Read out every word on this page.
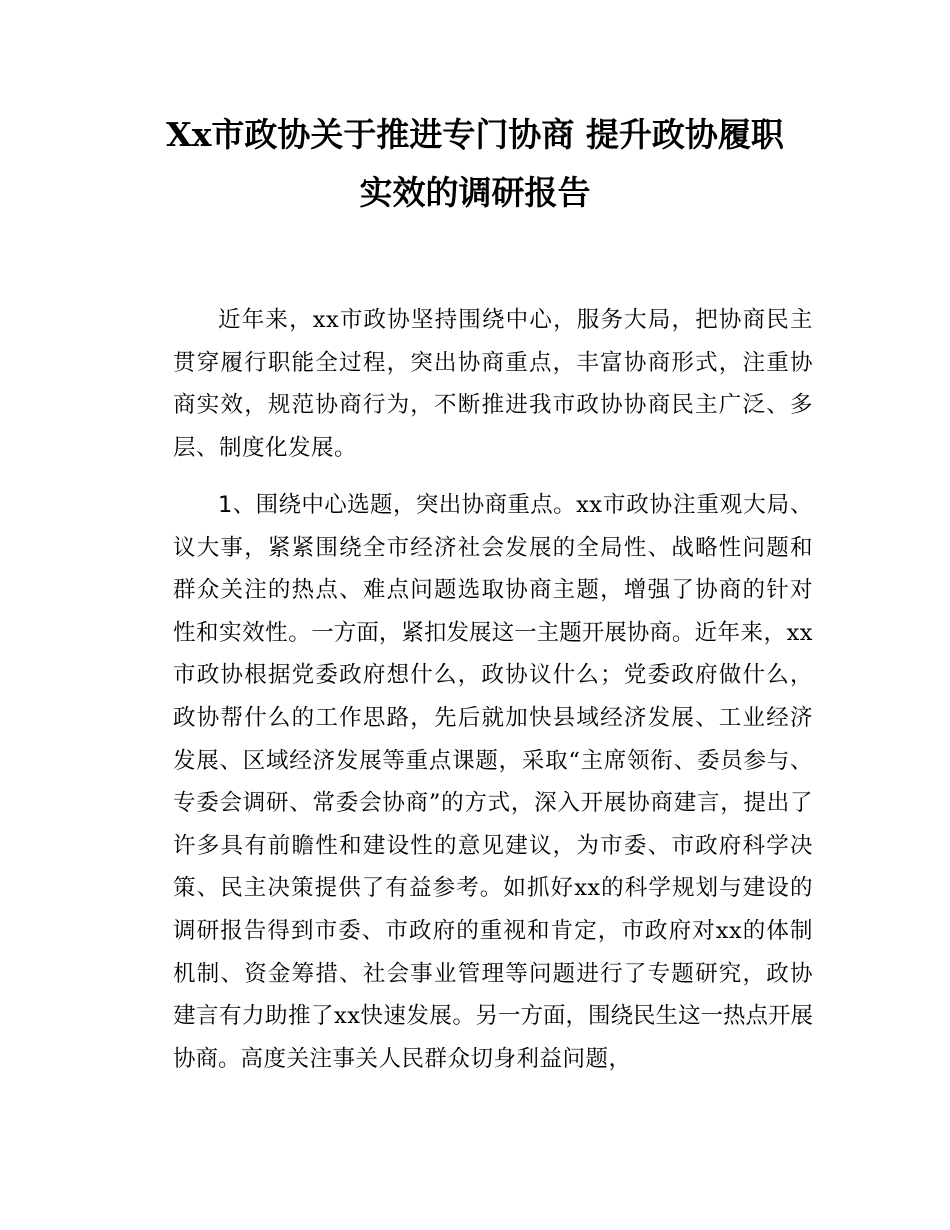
Xx市政协关于推进专门协商 提升政协履职
实效的调研报告

近年来，xx市政协坚持围绕中心，服务大局，把协商民主贯穿履行职能全过程，突出协商重点，丰富协商形式，注重协商实效，规范协商行为，不断推进我市政协协商民主广泛、多层、制度化发展。

1、围绕中心选题，突出协商重点。xx市政协注重观大局、议大事，紧紧围绕全市经济社会发展的全局性、战略性问题和群众关注的热点、难点问题选取协商主题，增强了协商的针对性和实效性。一方面，紧扣发展这一主题开展协商。近年来，xx市政协根据党委政府想什么，政协议什么；党委政府做什么，政协帮什么的工作思路，先后就加快县域经济发展、工业经济发展、区域经济发展等重点课题，采取“主席领衔、委员参与、专委会调研、常委会协商”的方式，深入开展协商建言，提出了许多具有前瞻性和建设性的意见建议，为市委、市政府科学决策、民主决策提供了有益参考。如抓好xx的科学规划与建设的调研报告得到市委、市政府的重视和肯定，市政府对xx的体制机制、资金筹措、社会事业管理等问题进行了专题研究，政协建言有力助推了xx快速发展。另一方面，围绕民生这一热点开展协商。高度关注事关人民群众切身利益问题，
